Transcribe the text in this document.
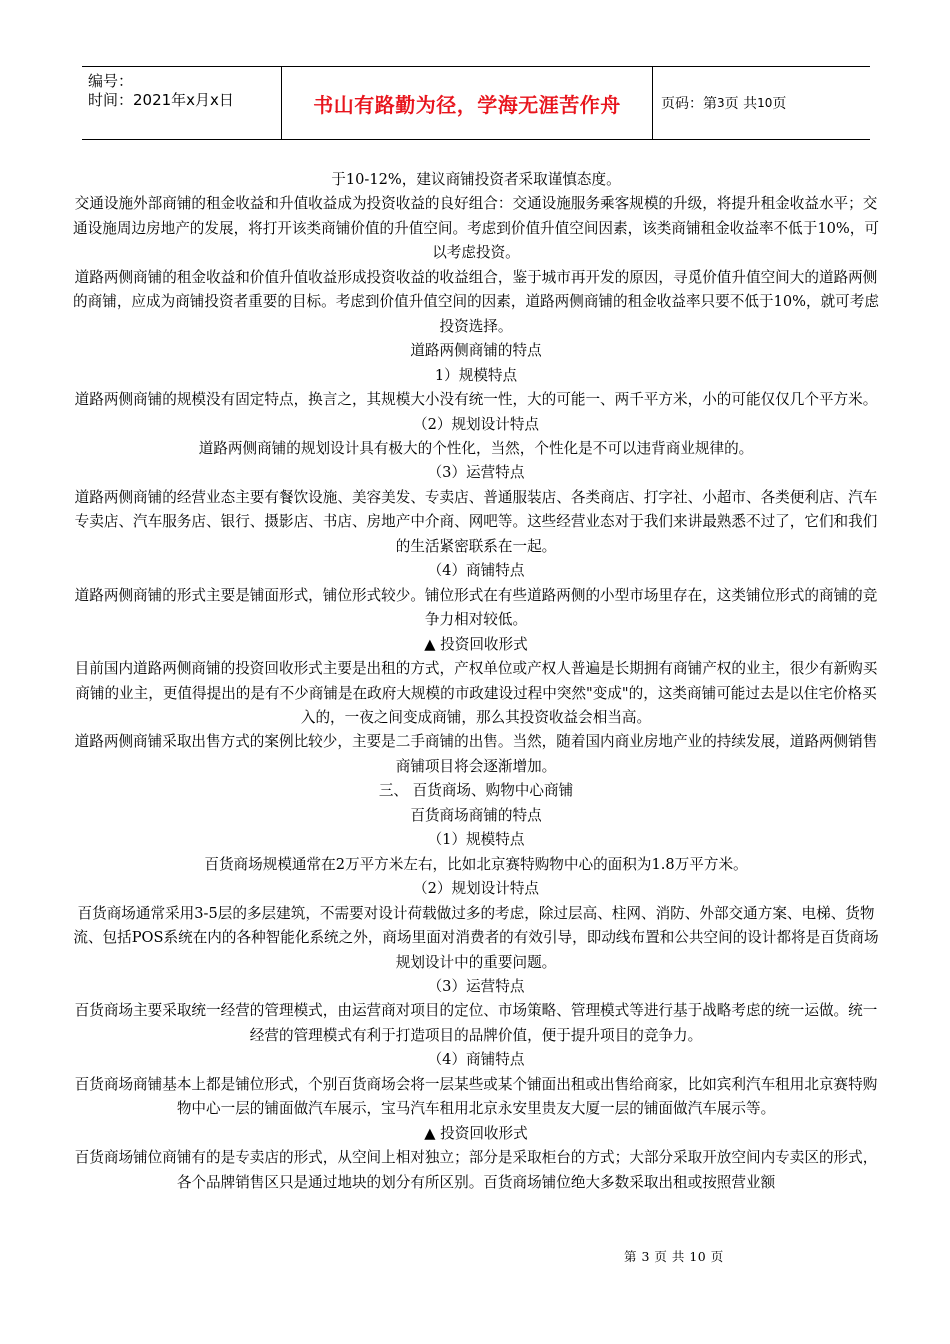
编号：
时间：2021年x月x日	书山有路勤为径，学海无涯苦作舟	页码：第 3 页 共 10 页

于10-12%，建议商铺投资者采取谨慎态度。

交通设施外部商铺的租金收益和升值收益成为投资收益的良好组合：交通设施服务乘客规模的升级，将提升租金收益水平；交通设施周边房地产的发展，将打开该类商铺价值的升值空间。考虑到价值升值空间因素，该类商铺租金收益率不低于10%，可以考虑投资。

道路两侧商铺的租金收益和价值升值收益形成投资收益的收益组合，鉴于城市再开发的原因，寻觅价值升值空间大的道路两侧的商铺，应成为商铺投资者重要的目标。考虑到价值升值空间的因素，道路两侧商铺的租金收益率只要不低于10%，就可考虑投资选择。

道路两侧商铺的特点

1）规模特点

道路两侧商铺的规模没有固定特点，换言之，其规模大小没有统一性，大的可能一、两千平方米，小的可能仅仅几个平方米。

（2）规划设计特点

道路两侧商铺的规划设计具有极大的个性化，当然，个性化是不可以违背商业规律的。

（3）运营特点

道路两侧商铺的经营业态主要有餐饮设施、美容美发、专卖店、普通服装店、各类商店、打字社、小超市、各类便利店、汽车专卖店、汽车服务店、银行、摄影店、书店、房地产中介商、网吧等。这些经营业态对于我们来讲最熟悉不过了，它们和我们的生活紧密联系在一起。

（4）商铺特点

道路两侧商铺的形式主要是铺面形式，铺位形式较少。铺位形式在有些道路两侧的小型市场里存在，这类铺位形式的商铺的竞争力相对较低。

▲ 投资回收形式

目前国内道路两侧商铺的投资回收形式主要是出租的方式，产权单位或产权人普遍是长期拥有商铺产权的业主，很少有新购买商铺的业主，更值得提出的是有不少商铺是在政府大规模的市政建设过程中突然"变成"的，这类商铺可能过去是以住宅价格买入的，一夜之间变成商铺，那么其投资收益会相当高。

道路两侧商铺采取出售方式的案例比较少，主要是二手商铺的出售。当然，随着国内商业房地产业的持续发展，道路两侧销售商铺项目将会逐渐增加。

三、 百货商场、购物中心商铺

百货商场商铺的特点

（1）规模特点

百货商场规模通常在2万平方米左右，比如北京赛特购物中心的面积为1.8万平方米。

（2）规划设计特点

百货商场通常采用3-5层的多层建筑，不需要对设计荷载做过多的考虑，除过层高、柱网、消防、外部交通方案、电梯、货物流、包括POS系统在内的各种智能化系统之外，商场里面对消费者的有效引导，即动线布置和公共空间的设计都将是百货商场规划设计中的重要问题。

（3）运营特点

百货商场主要采取统一经营的管理模式，由运营商对项目的定位、市场策略、管理模式等进行基于战略考虑的统一运做。统一经营的管理模式有利于打造项目的品牌价值，便于提升项目的竞争力。

（4）商铺特点

百货商场商铺基本上都是铺位形式，个别百货商场会将一层某些或某个铺面出租或出售给商家，比如宾利汽车租用北京赛特购物中心一层的铺面做汽车展示，宝马汽车租用北京永安里贵友大厦一层的铺面做汽车展示等。

▲ 投资回收形式

百货商场铺位商铺有的是专卖店的形式，从空间上相对独立；部分是采取柜台的方式；大部分采取开放空间内专卖区的形式，各个品牌销售区只是通过地块的划分有所区别。百货商场铺位绝大多数采取出租或按照营业额

第 3 页 共 10 页
